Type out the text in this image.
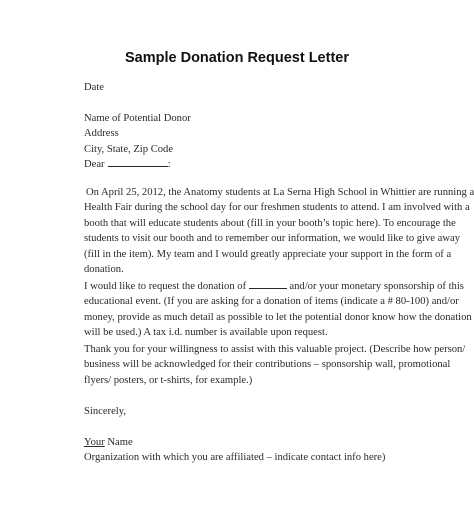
Sample Donation Request Letter
Date
Name of Potential Donor
Address
City, State, Zip Code
Dear	:
On April 25, 2012, the Anatomy students at La Serna High School in Whittier are running a
Health Fair during the school day for our freshmen students to attend. I am involved with a
booth that will educate students about (fill in your booth’s topic here). To encourage the
students to visit our booth and to remember our information, we would like to give away
(fill in the item). My team and I would greatly appreciate your support in the form of a
donation.
I would like to request the donation of	and/or your monetary sponsorship of this
educational event. (If you are asking for a donation of items (indicate a # 80-100) and/or
money, provide as much detail as possible to let the potential donor know how the donation
will be used.) A tax i.d. number is available upon request.
Thank you for your willingness to assist with this valuable project. (Describe how person/
business will be acknowledged for their contributions – sponsorship wall, promotional
flyers/ posters, or t-shirts, for example.)
Sincerely,
Your Name
Organization with which you are affiliated – indicate contact info here)
